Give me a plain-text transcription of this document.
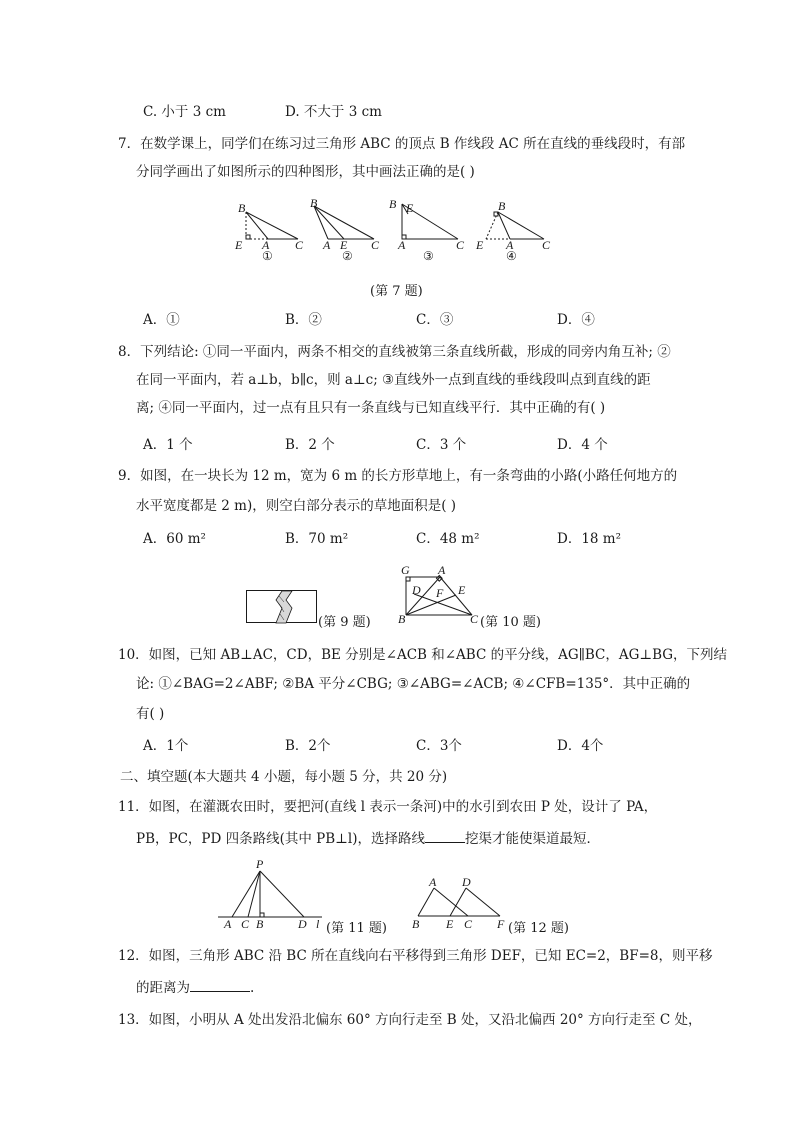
C. 小于 3 cm	D. 不大于 3 cm
7．在数学课上，同学们在练习过三角形 ABC 的顶点 B 作线段 AC 所在直线的垂线段时，有部
分同学画出了如图所示的四种图形，其中画法正确的是( )
B
E A C
①
B
A E C
②
B E
A	C
③
B
E A C
④
(第 7 题)
A．①	B．②	C．③	D．④
8．下列结论: ①同一平面内，两条不相交的直线被第三条直线所截，形成的同旁内角互补; ②
在同一平面内，若 a⊥b，b∥c，则 a⊥c; ③直线外一点到直线的垂线段叫点到直线的距
离; ④同一平面内，过一点有且只有一条直线与已知直线平行．其中正确的有( )
A．1 个	B．2 个	C．3 个	D．4 个
9．如图，在一块长为 12 m，宽为 6 m 的长方形草地上，有一条弯曲的小路(小路任何地方的
水平宽度都是 2 m)，则空白部分表示的草地面积是( )
A．60 m²	B．70 m²	C．48 m²	D．18 m²
(第 9 题)
G A
D F E
B	C (第 10 题)
10．如图，已知 AB⊥AC，CD，BE 分别是∠ACB 和∠ABC 的平分线，AG∥BC，AG⊥BG，下列结
论: ①∠BAG=2∠ABF; ②BA 平分∠CBG; ③∠ABG=∠ACB; ④∠CFB=135°．其中正确的
有( )
A．1个	B．2个	C．3个	D．4个
二、填空题(本大题共 4 小题，每小题 5 分，共 20 分)
11．如图，在灌溉农田时，要把河(直线 l 表示一条河)中的水引到农田 P 处，设计了 PA，
PB，PC，PD 四条路线(其中 PB⊥l)，选择路线	挖渠才能使渠道最短．
P
A C B	D l (第 11 题)
A D
B E C F (第 12 题)
12．如图，三角形 ABC 沿 BC 所在直线向右平移得到三角形 DEF，已知 EC=2，BF=8，则平移
的距离为	.
13．如图，小明从 A 处出发沿北偏东 60° 方向行走至 B 处，又沿北偏西 20° 方向行走至 C 处，
